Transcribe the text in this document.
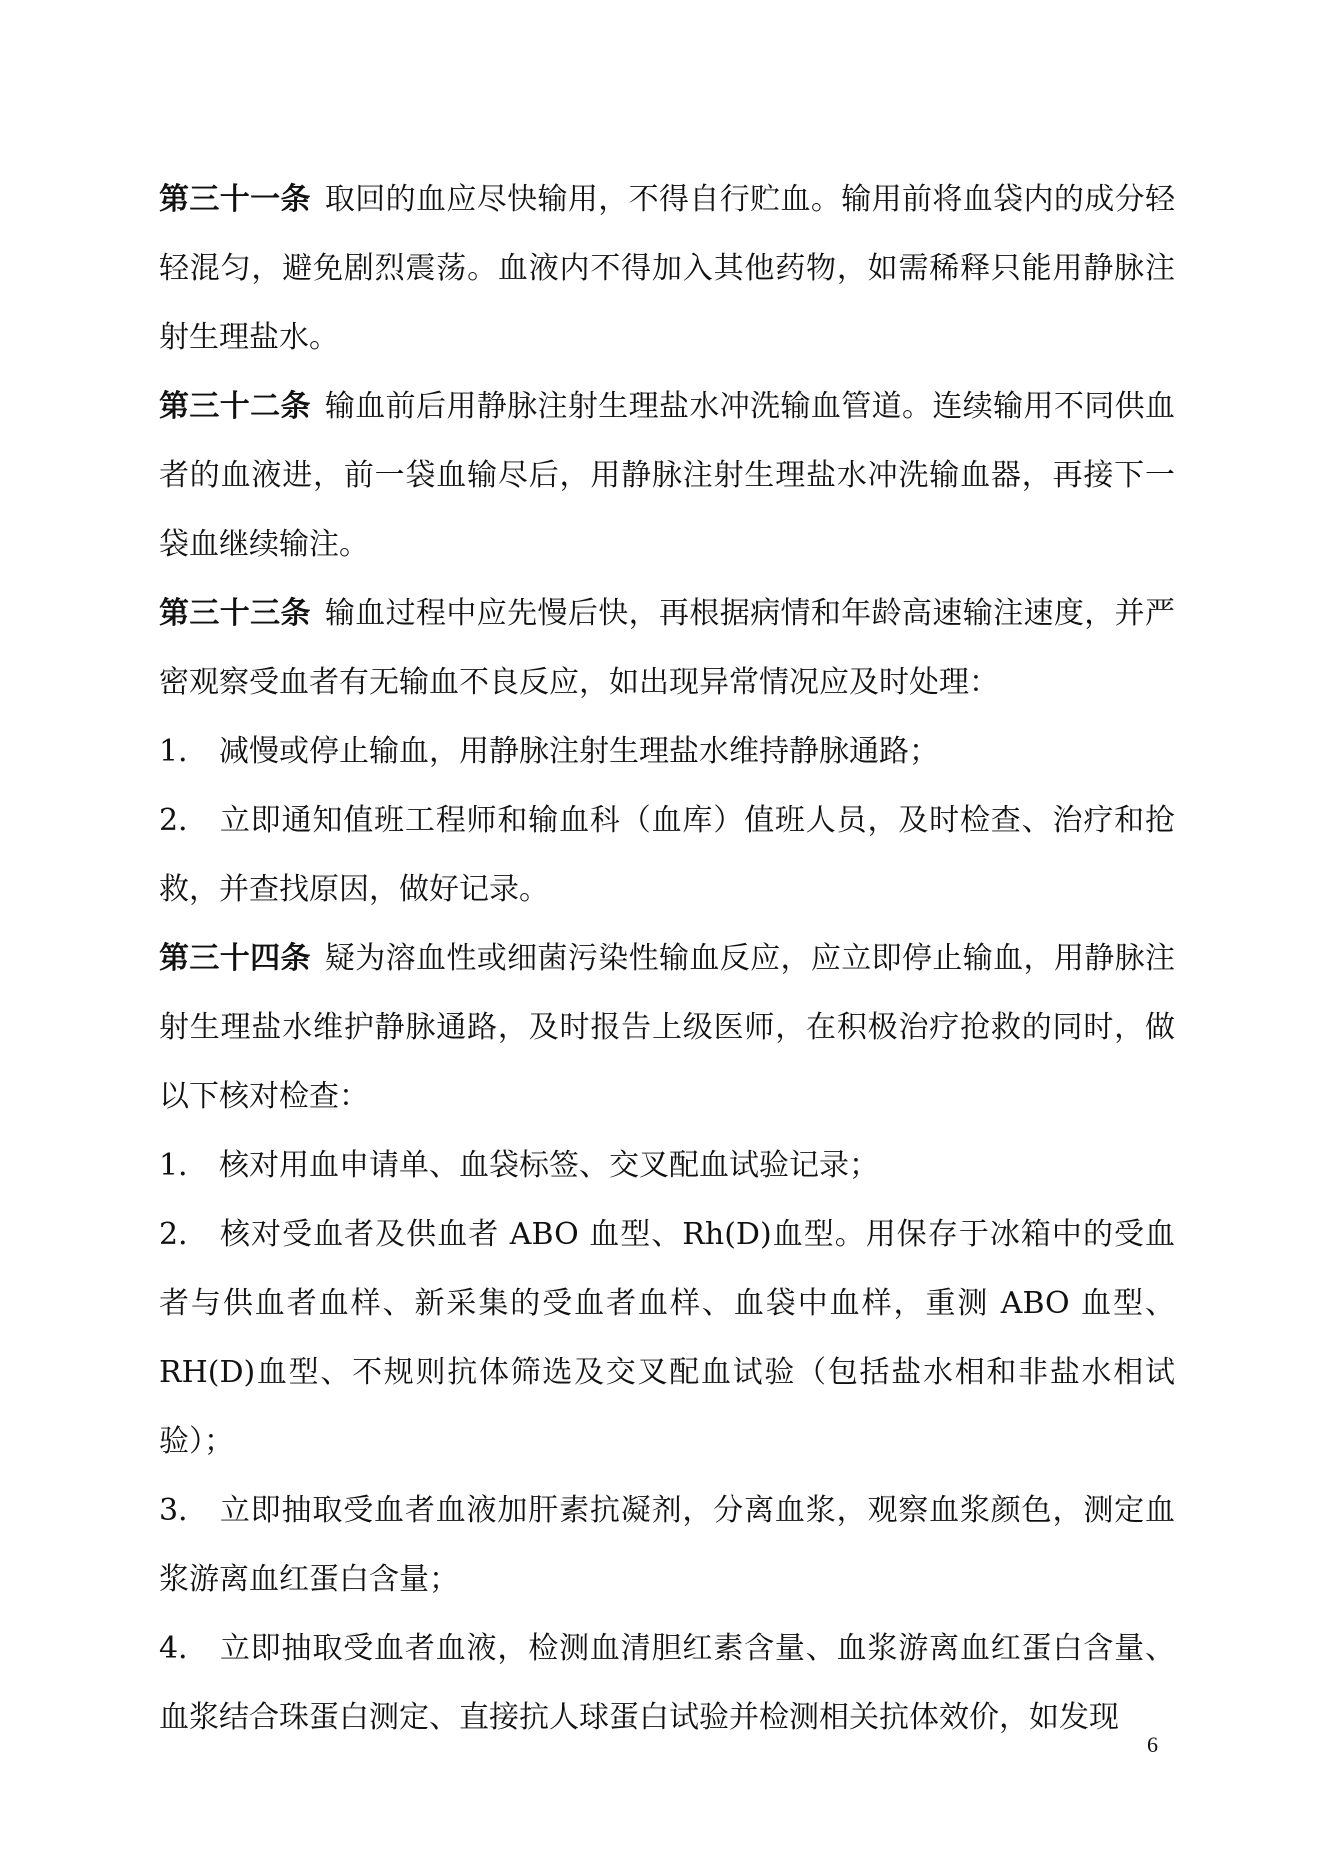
第三十一条 取回的血应尽快输用，不得自行贮血。输用前将血袋内的成分轻轻混匀，避免剧烈震荡。血液内不得加入其他药物，如需稀释只能用静脉注射生理盐水。

第三十二条 输血前后用静脉注射生理盐水冲洗输血管道。连续输用不同供血者的血液进，前一袋血输尽后，用静脉注射生理盐水冲洗输血器，再接下一袋血继续输注。

第三十三条 输血过程中应先慢后快，再根据病情和年龄高速输注速度，并严密观察受血者有无输血不良反应，如出现异常情况应及时处理：

1． 减慢或停止输血，用静脉注射生理盐水维持静脉通路；

2． 立即通知值班工程师和输血科（血库）值班人员，及时检查、治疗和抢救，并查找原因，做好记录。

第三十四条 疑为溶血性或细菌污染性输血反应，应立即停止输血，用静脉注射生理盐水维护静脉通路，及时报告上级医师，在积极治疗抢救的同时，做以下核对检查：

1． 核对用血申请单、血袋标签、交叉配血试验记录；

2． 核对受血者及供血者 ABO 血型、Rh(D)血型。用保存于冰箱中的受血者与供血者血样、新采集的受血者血样、血袋中血样，重测 ABO 血型、RH(D)血型、不规则抗体筛选及交叉配血试验（包括盐水相和非盐水相试验）；

3． 立即抽取受血者血液加肝素抗凝剂，分离血浆，观察血浆颜色，测定血浆游离血红蛋白含量；

4． 立即抽取受血者血液，检测血清胆红素含量、血浆游离血红蛋白含量、血浆结合珠蛋白测定、直接抗人球蛋白试验并检测相关抗体效价，如发现

6
